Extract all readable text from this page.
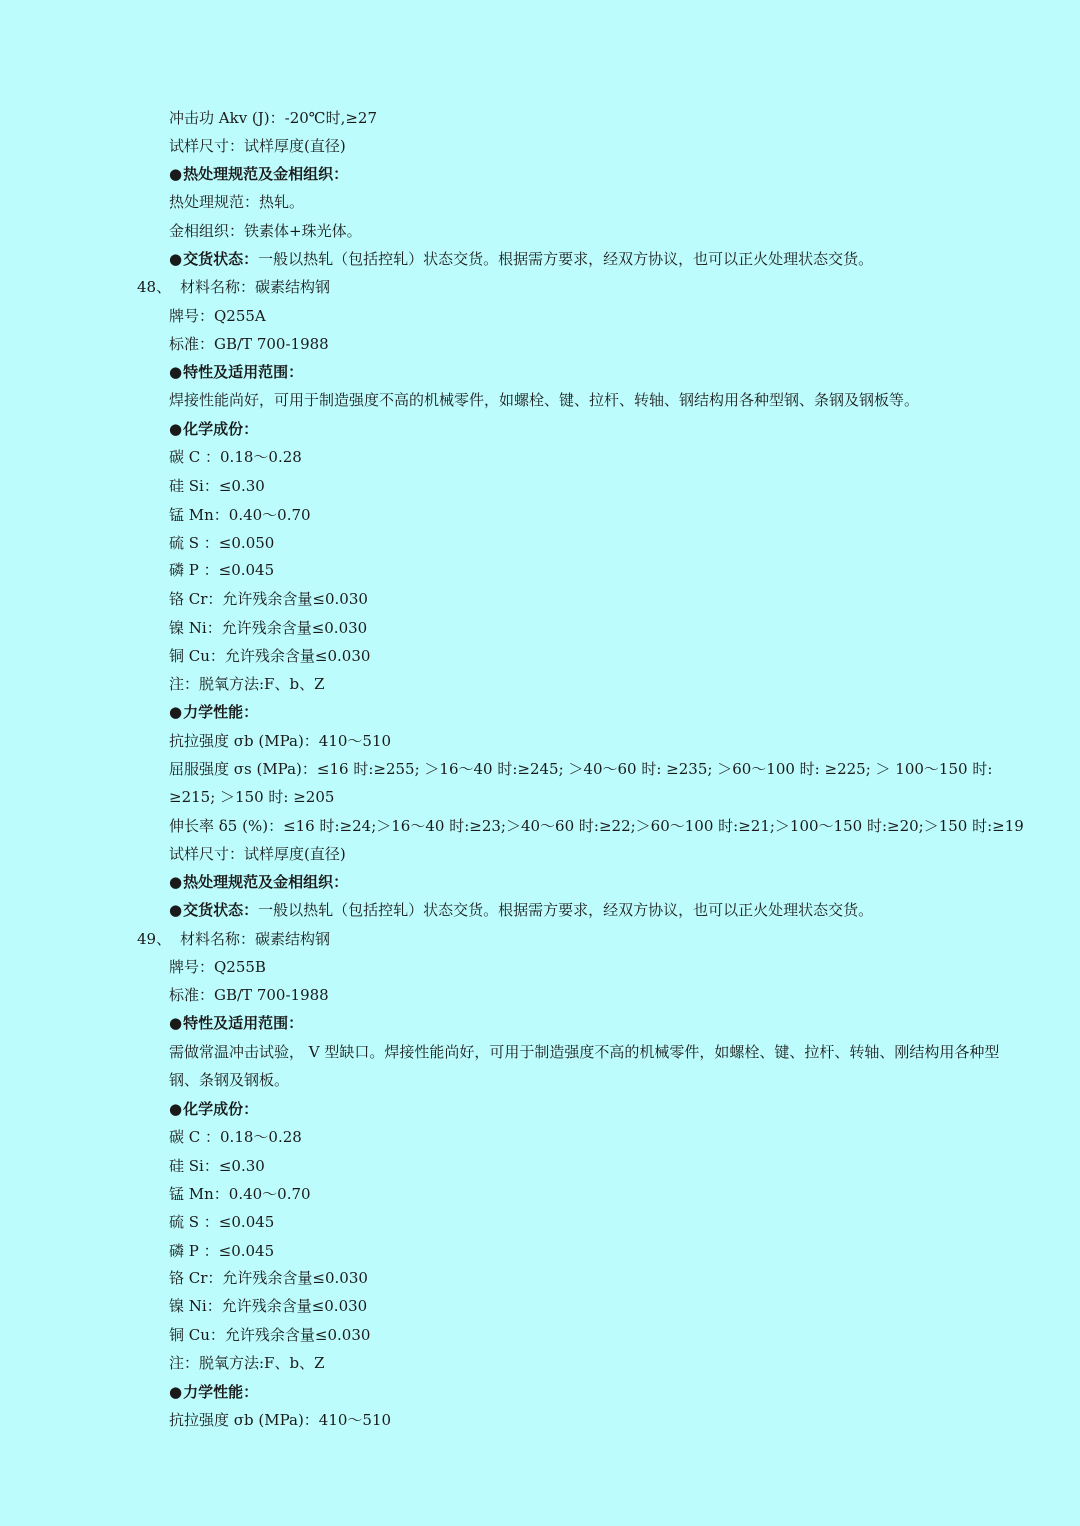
冲击功 Akv (J)：-20℃时,≥27
试样尺寸：试样厚度(直径)
●热处理规范及金相组织：
热处理规范：热轧。
金相组织：铁素体+珠光体。
●交货状态：一般以热轧（包括控轧）状态交货。根据需方要求，经双方协议，也可以正火处理状态交货。
48、 材料名称：碳素结构钢
牌号：Q255A
标准：GB/T 700-1988
●特性及适用范围：
焊接性能尚好，可用于制造强度不高的机械零件，如螺栓、键、拉杆、转轴、钢结构用各种型钢、条钢及钢板等。
●化学成份：
碳 C ：0.18～0.28
硅 Si：≤0.30
锰 Mn：0.40～0.70
硫 S ：≤0.050
磷 P ：≤0.045
铬 Cr：允许残余含量≤0.030
镍 Ni：允许残余含量≤0.030
铜 Cu：允许残余含量≤0.030
注：脱氧方法:F、b、Z
●力学性能：
抗拉强度 σb (MPa)：410～510
屈服强度 σs (MPa)：≤16 时:≥255; ＞16～40 时:≥245; ＞40～60 时: ≥235; ＞60～100 时: ≥225; ＞ 100～150 时: ≥215; ＞150 时: ≥205
伸长率 δ5 (%)：≤16 时:≥24;＞16～40 时:≥23;＞40～60 时:≥22;＞60～100 时:≥21;＞100～150 时:≥20;＞150 时:≥19
试样尺寸：试样厚度(直径)
●热处理规范及金相组织：
●交货状态：一般以热轧（包括控轧）状态交货。根据需方要求，经双方协议，也可以正火处理状态交货。
49、 材料名称：碳素结构钢
牌号：Q255B
标准：GB/T 700-1988
●特性及适用范围：
需做常温冲击试验， V 型缺口。焊接性能尚好，可用于制造强度不高的机械零件，如螺栓、键、拉杆、转轴、刚结构用各种型钢、条钢及钢板。
●化学成份：
碳 C ：0.18～0.28
硅 Si：≤0.30
锰 Mn：0.40～0.70
硫 S ：≤0.045
磷 P ：≤0.045
铬 Cr：允许残余含量≤0.030
镍 Ni：允许残余含量≤0.030
铜 Cu：允许残余含量≤0.030
注：脱氧方法:F、b、Z
●力学性能：
抗拉强度 σb (MPa)：410～510
